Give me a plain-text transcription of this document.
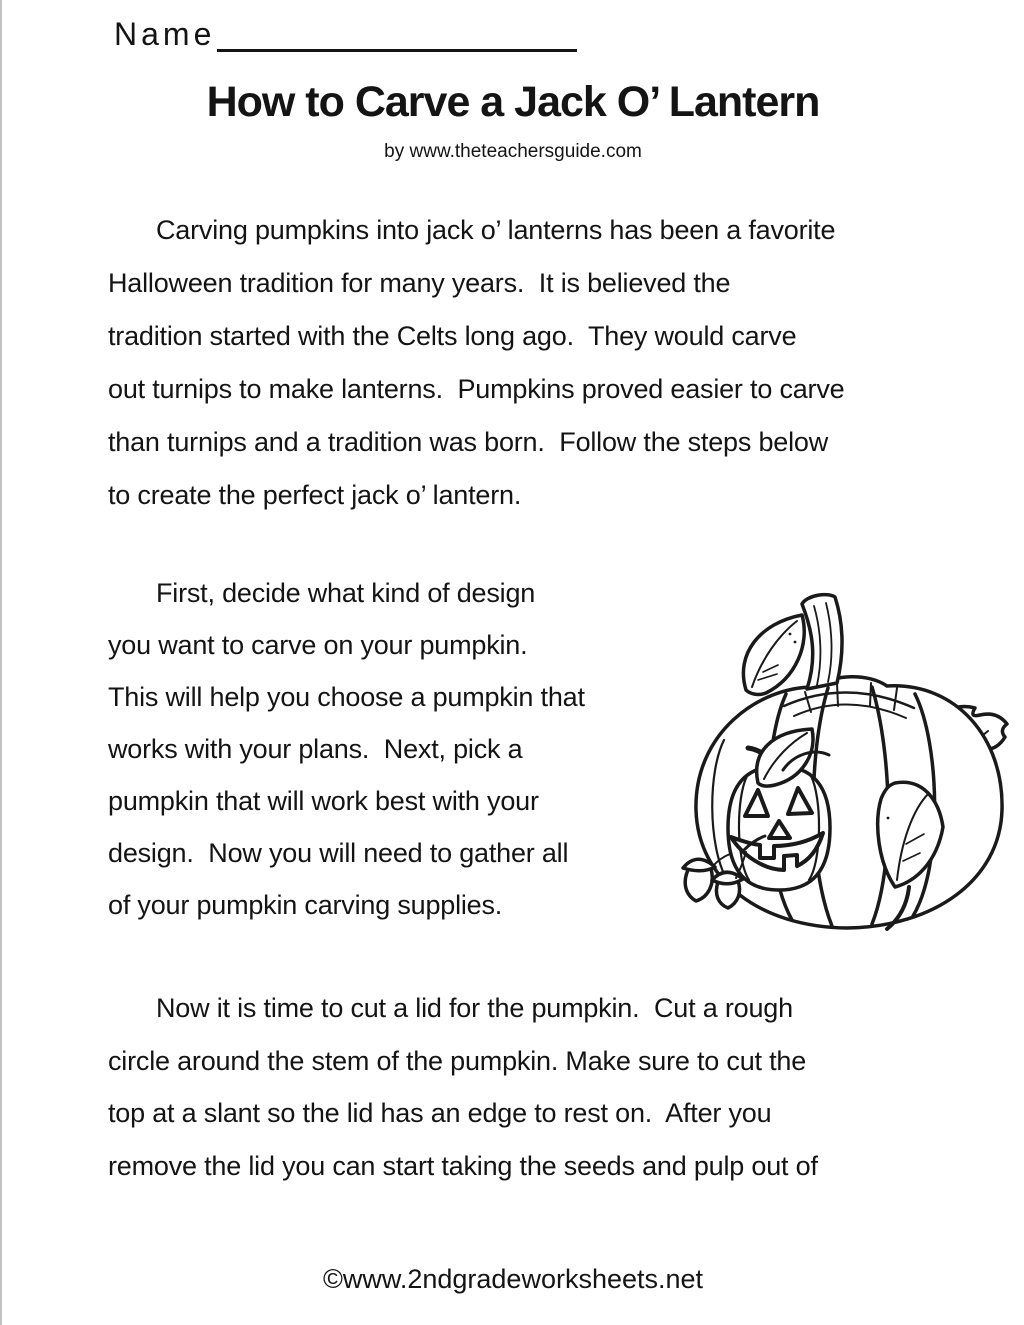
Name
How to Carve a Jack O’ Lantern
by www.theteachersguide.com
Carving pumpkins into jack o’ lanterns has been a favorite
Halloween tradition for many years.  It is believed the
tradition started with the Celts long ago.  They would carve
out turnips to make lanterns.  Pumpkins proved easier to carve
than turnips and a tradition was born.  Follow the steps below
to create the perfect jack o’ lantern.
First, decide what kind of design
you want to carve on your pumpkin.
This will help you choose a pumpkin that
works with your plans.  Next, pick a
pumpkin that will work best with your
design.  Now you will need to gather all
of your pumpkin carving supplies.
Now it is time to cut a lid for the pumpkin.  Cut a rough
circle around the stem of the pumpkin. Make sure to cut the
top at a slant so the lid has an edge to rest on.  After you
remove the lid you can start taking the seeds and pulp out of
©www.2ndgradeworksheets.net
